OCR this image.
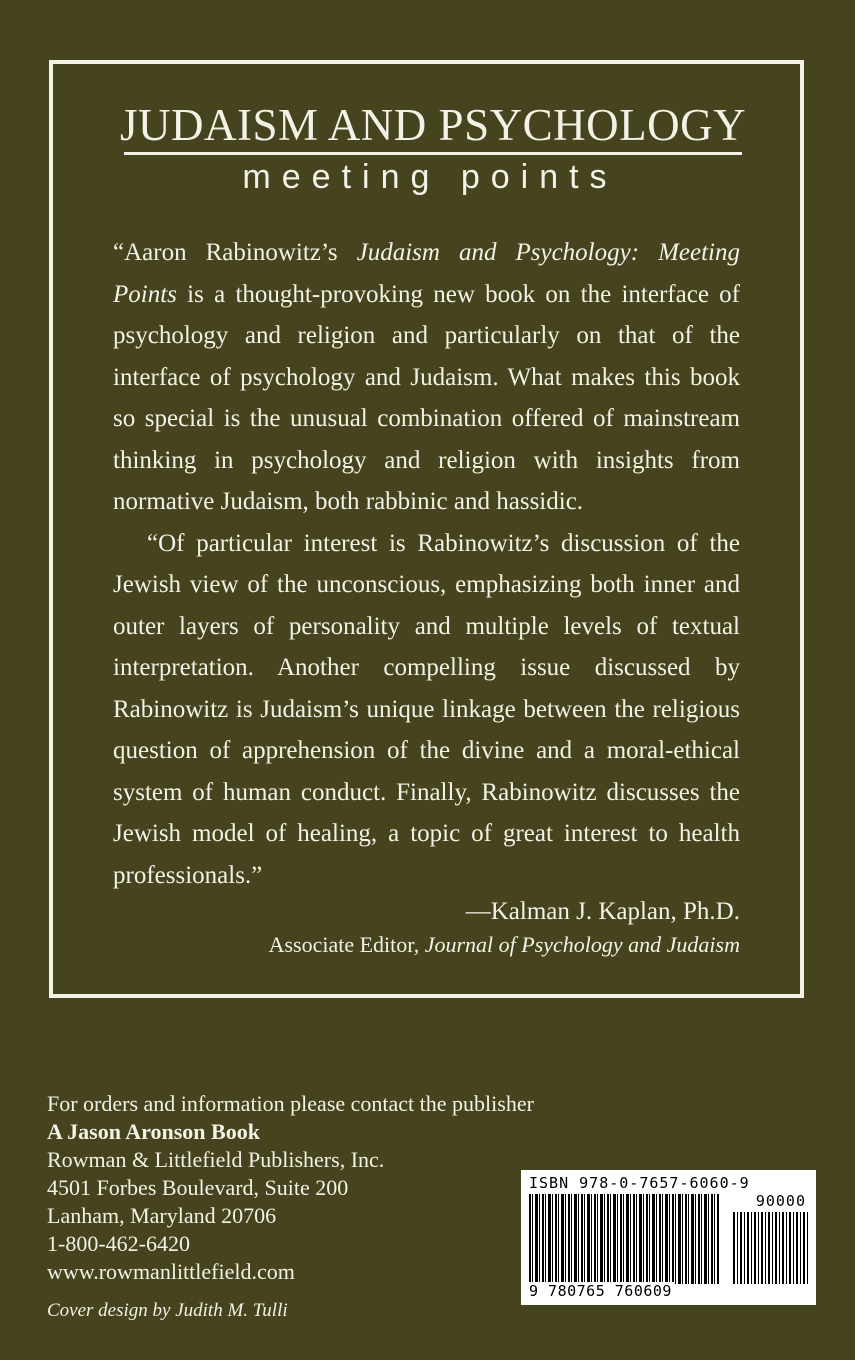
JUDAISM AND PSYCHOLOGY
meeting points

“Aaron Rabinowitz’s Judaism and Psychology: Meeting Points is a thought-provoking new book on the interface of psychology and religion and particularly on that of the interface of psychology and Judaism. What makes this book so special is the unusual combination offered of mainstream thinking in psychology and religion with insights from normative Judaism, both rabbinic and hassidic.

“Of particular interest is Rabinowitz’s discussion of the Jewish view of the unconscious, emphasizing both inner and outer layers of personality and multiple levels of textual interpretation. Another compelling issue discussed by Rabinowitz is Judaism’s unique linkage between the religious question of apprehension of the divine and a moral-ethical system of human conduct. Finally, Rabinowitz discusses the Jewish model of healing, a topic of great interest to health professionals.”

—Kalman J. Kaplan, Ph.D.
Associate Editor, Journal of Psychology and Judaism
For orders and information please contact the publisher
A Jason Aronson Book
Rowman & Littlefield Publishers, Inc.
4501 Forbes Boulevard, Suite 200
Lanham, Maryland 20706
1-800-462-6420
www.rowmanlittlefield.com
Cover design by Judith M. Tulli
ISBN 978-0-7657-6060-9
90000
9 780765 760609
